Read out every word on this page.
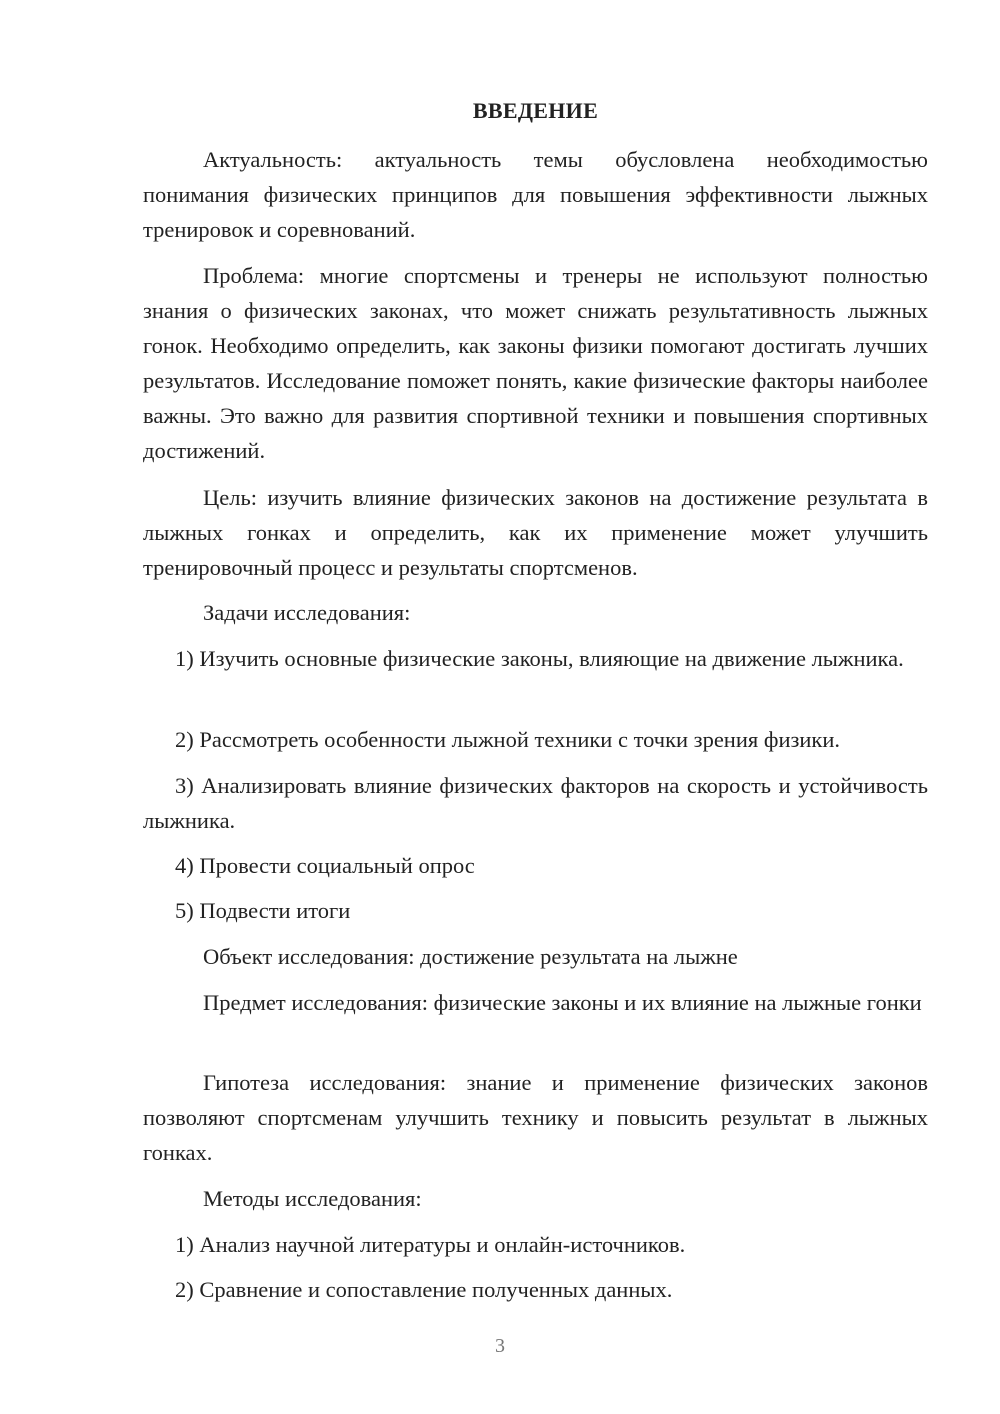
ВВЕДЕНИЕ

Актуальность: актуальность темы обусловлена необходимостью понимания физических принципов для повышения эффективности лыжных тренировок и соревнований.

Проблема: многие спортсмены и тренеры не используют полностью знания о физических законах, что может снижать результативность лыжных гонок. Необходимо определить, как законы физики помогают достигать лучших результатов. Исследование поможет понять, какие физические факторы наиболее важны. Это важно для развития спортивной техники и повышения спортивных достижений.

Цель: изучить влияние физических законов на достижение результата в лыжных гонках и определить, как их применение может улучшить тренировочный процесс и результаты спортсменов.

Задачи исследования:

1) Изучить основные физические законы, влияющие на движение лыжника.

2) Рассмотреть особенности лыжной техники с точки зрения физики.

3) Анализировать влияние физических факторов на скорость и устойчивость лыжника.

4) Провести социальный опрос

5) Подвести итоги

Объект исследования: достижение результата на лыжне

Предмет исследования: физические законы и их влияние на лыжные гонки

Гипотеза исследования: знание и применение физических законов позволяют спортсменам улучшить технику и повысить результат в лыжных гонках.

Методы исследования:

1) Анализ научной литературы и онлайн-источников.

2) Сравнение и сопоставление полученных данных.

3
